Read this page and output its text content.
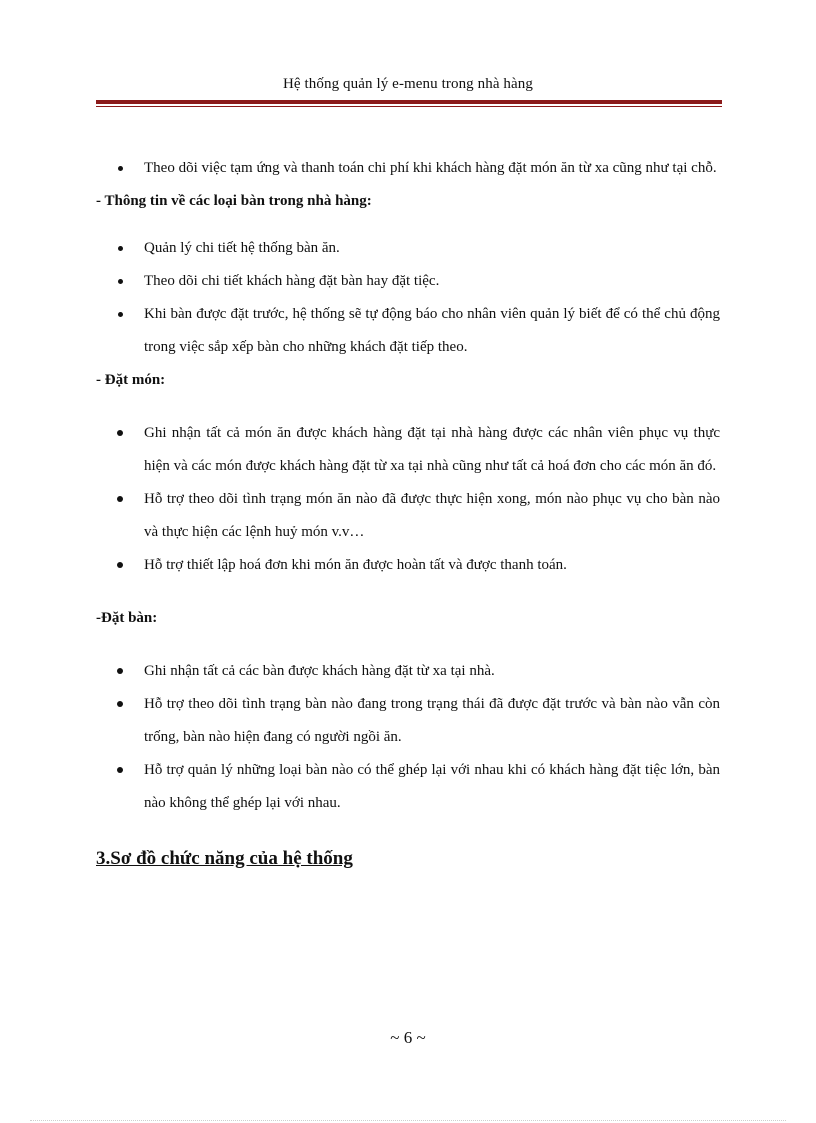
Hệ thống quản lý e-menu trong nhà hàng

Theo dõi việc tạm ứng và thanh toán chi phí khi khách hàng đặt món ăn từ xa cũng như tại chỗ.

- Thông tin về các loại bàn trong nhà hàng:

Quản lý chi tiết hệ thống bàn ăn.

Theo dõi chi tiết khách hàng đặt bàn hay đặt tiệc.

Khi bàn được đặt trước, hệ thống sẽ tự động báo cho nhân viên quản lý biết để có thể chủ động trong việc sắp xếp bàn cho những khách đặt tiếp theo.

- Đặt món:

Ghi nhận tất cả món ăn được khách hàng đặt tại nhà hàng được các nhân viên phục vụ thực hiện và các món được khách hàng đặt từ xa tại nhà cũng như tất cả hoá đơn cho các món ăn đó.

Hỗ trợ theo dõi tình trạng món ăn nào đã được thực hiện xong, món nào phục vụ cho bàn nào và thực hiện các lệnh huỷ món v.v…

Hỗ trợ thiết lập hoá đơn khi món ăn được hoàn tất và được thanh toán.

-Đặt bàn:

Ghi nhận tất cả các bàn được khách hàng đặt từ xa tại nhà.

Hỗ trợ theo dõi tình trạng bàn nào đang trong trạng thái đã được đặt trước và bàn nào vẫn còn trống, bàn nào hiện đang có người ngồi ăn.

Hỗ trợ quản lý những loại bàn nào có thể ghép lại với nhau khi có khách hàng đặt tiệc lớn, bàn nào không thể ghép lại với nhau.

3.Sơ đồ chức năng của hệ thống

~ 6 ~
